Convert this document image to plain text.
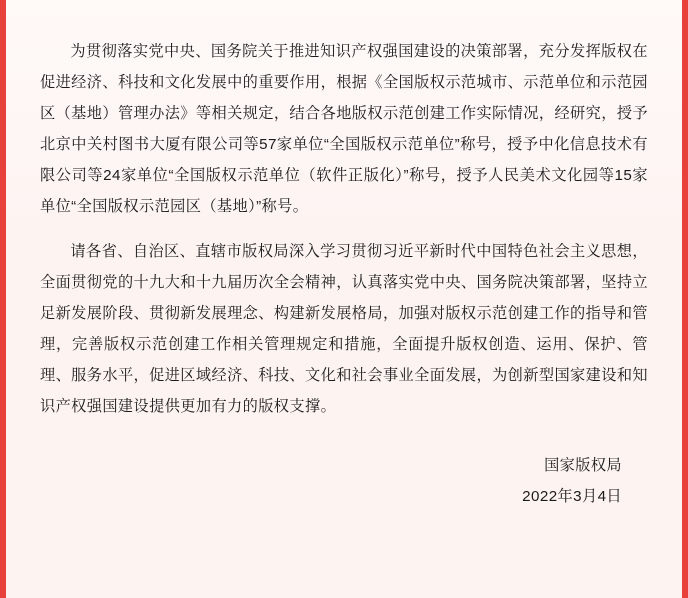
为贯彻落实党中央、国务院关于推进知识产权强国建设的决策部署，充分发挥版权在促进经济、科技和文化发展中的重要作用，根据《全国版权示范城市、示范单位和示范园区（基地）管理办法》等相关规定，结合各地版权示范创建工作实际情况，经研究，授予北京中关村图书大厦有限公司等57家单位“全国版权示范单位”称号，授予中化信息技术有限公司等24家单位“全国版权示范单位（软件正版化）”称号，授予人民美术文化园等15家单位“全国版权示范园区（基地）”称号。

请各省、自治区、直辖市版权局深入学习贯彻习近平新时代中国特色社会主义思想，全面贯彻党的十九大和十九届历次全会精神，认真落实党中央、国务院决策部署，坚持立足新发展阶段、贯彻新发展理念、构建新发展格局，加强对版权示范创建工作的指导和管理，完善版权示范创建工作相关管理规定和措施，全面提升版权创造、运用、保护、管理、服务水平，促进区域经济、科技、文化和社会事业全面发展，为创新型国家建设和知识产权强国建设提供更加有力的版权支撑。

国家版权局
2022年3月4日
